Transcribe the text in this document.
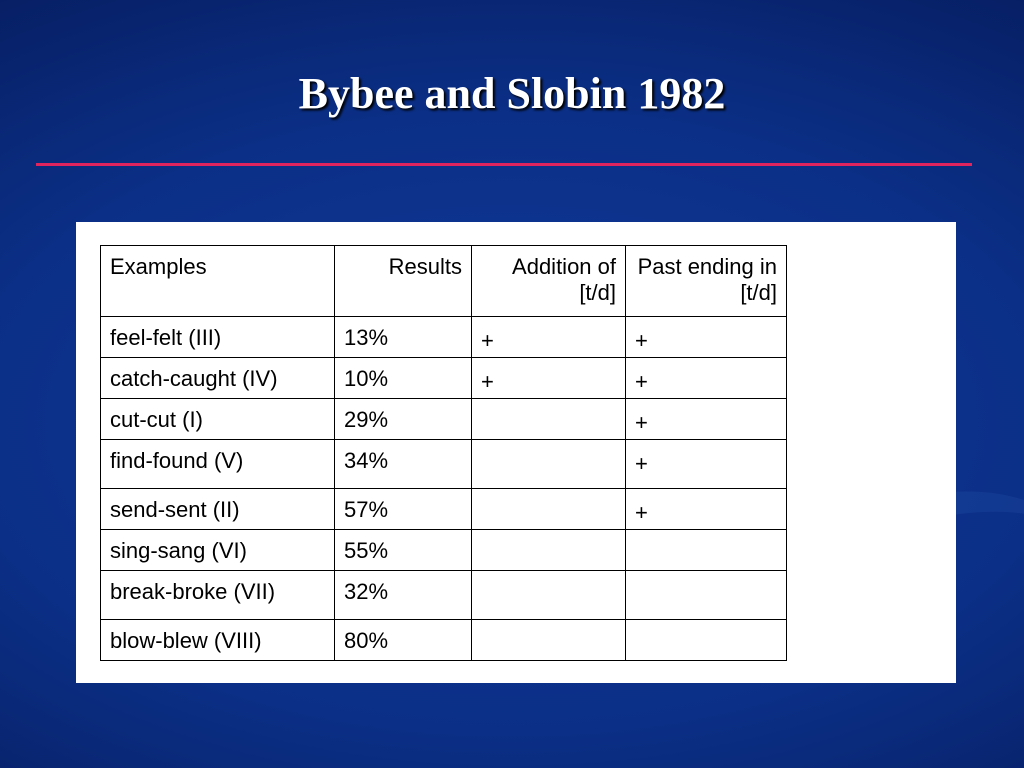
Bybee and Slobin 1982
Examples	Results	Addition of [t/d]	Past ending in [t/d]
feel-felt (III)	13%	+	+
catch-caught (IV)	10%	+	+
cut-cut (I)	29%		+
find-found (V)	34%		+
send-sent (II)	57%		+
sing-sang (VI)	55%		
break-broke (VII)	32%		
blow-blew (VIII)	80%		
